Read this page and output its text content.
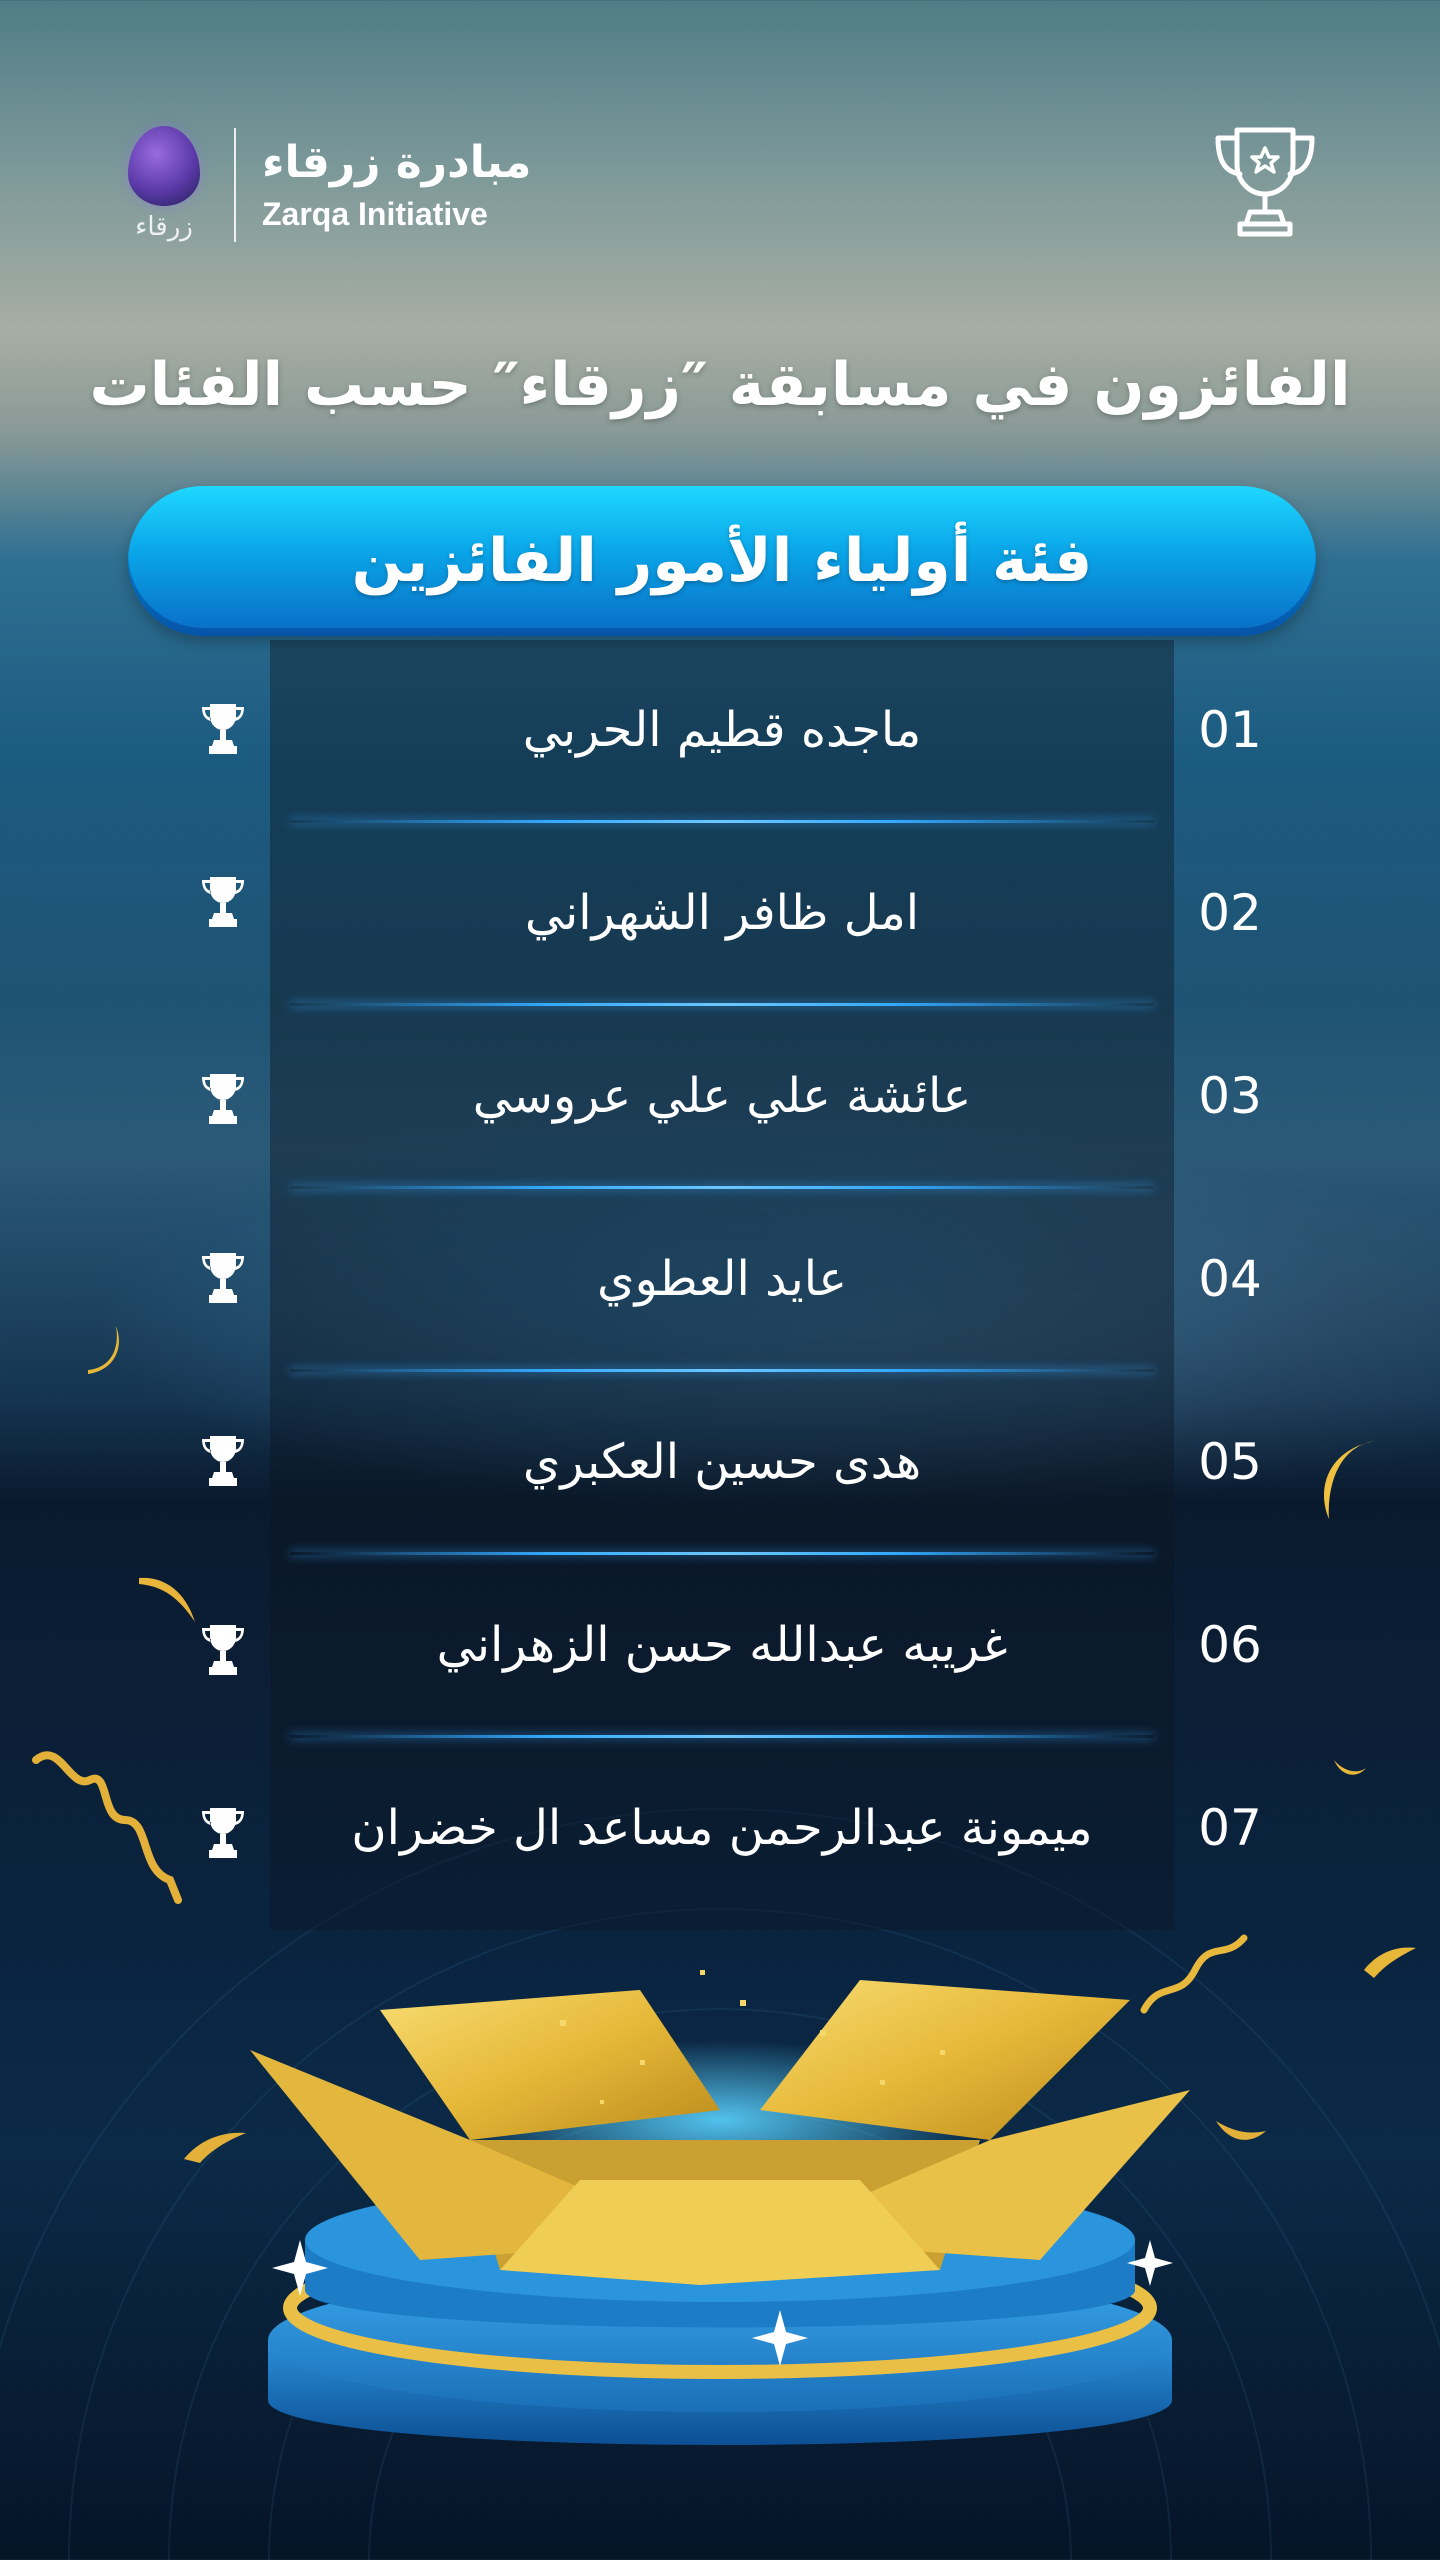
زرقاء
مبادرة زرقاء
Zarqa Initiative
الفائزون في مسابقة ″زرقاء″ حسب الفئات
فئة أولياء الأمور الفائزين
ماجده قطيم الحربي	01
امل ظافر الشهراني	02
عائشة علي علي عروسي	03
عايد العطوي	04
هدى حسين العكبري	05
غريبه عبدالله حسن الزهراني	06
ميمونة عبدالرحمن مساعد ال خضران	07
